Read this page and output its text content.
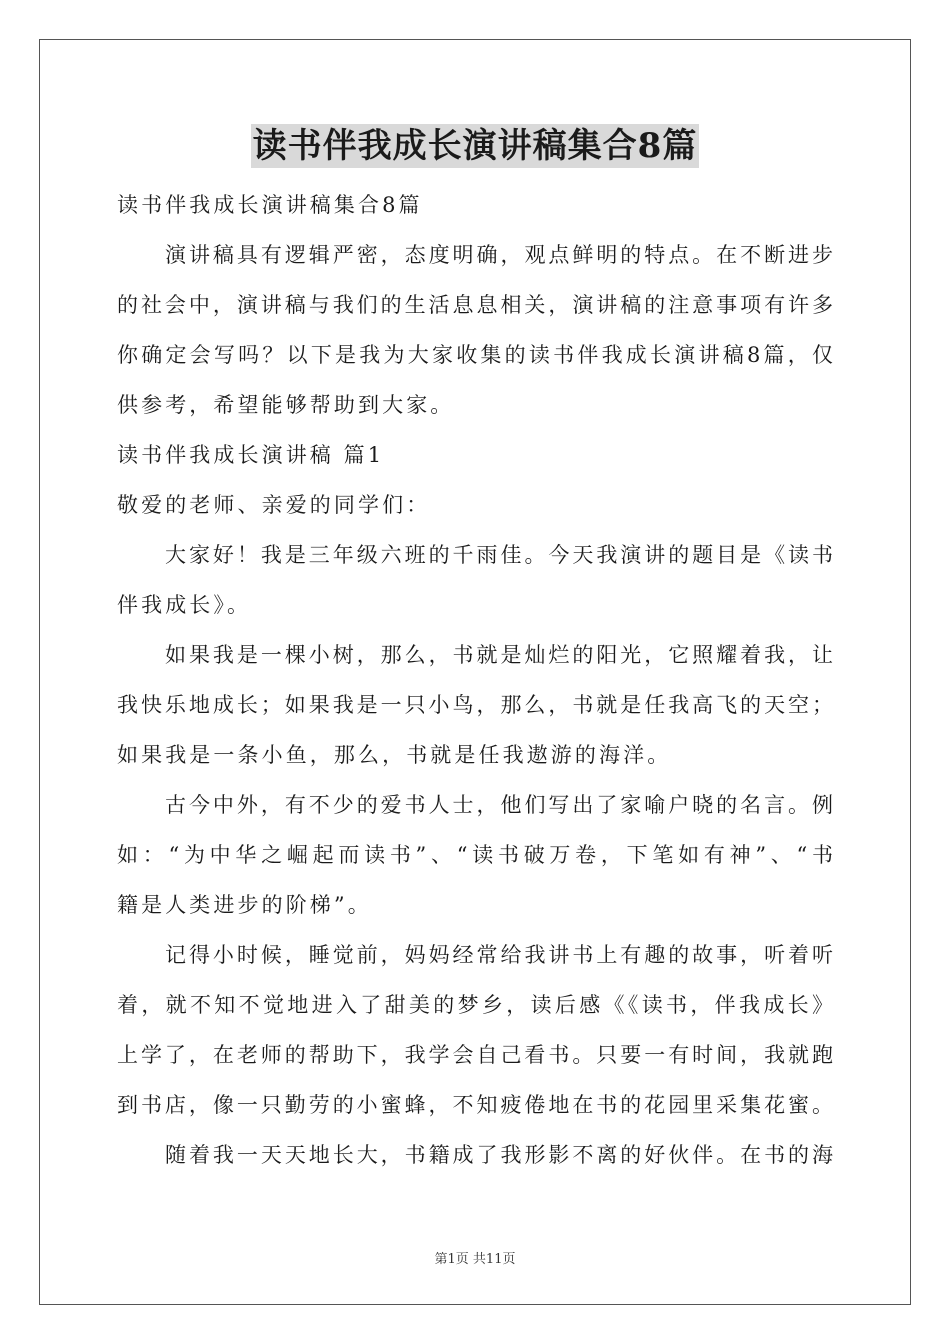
读书伴我成长演讲稿集合8篇
读书伴我成长演讲稿集合8篇
演讲稿具有逻辑严密，态度明确，观点鲜明的特点。在不断进步
的社会中，演讲稿与我们的生活息息相关，演讲稿的注意事项有许多
你确定会写吗？以下是我为大家收集的读书伴我成长演讲稿8篇，仅
供参考，希望能够帮助到大家。
读书伴我成长演讲稿 篇1
敬爱的老师、亲爱的同学们：
大家好！我是三年级六班的千雨佳。今天我演讲的题目是《读书
伴我成长》。
如果我是一棵小树，那么，书就是灿烂的阳光，它照耀着我，让
我快乐地成长；如果我是一只小鸟，那么，书就是任我高飞的天空；
如果我是一条小鱼，那么，书就是任我遨游的海洋。
古今中外，有不少的爱书人士，他们写出了家喻户晓的名言。例
如：“为中华之崛起而读书”、“读书破万卷，下笔如有神”、“书
籍是人类进步的阶梯”。
记得小时候，睡觉前，妈妈经常给我讲书上有趣的故事，听着听
着，就不知不觉地进入了甜美的梦乡，读后感《《读书，伴我成长》
上学了，在老师的帮助下，我学会自己看书。只要一有时间，我就跑
到书店，像一只勤劳的小蜜蜂，不知疲倦地在书的花园里采集花蜜。
随着我一天天地长大，书籍成了我形影不离的好伙伴。在书的海
第1页 共11页
